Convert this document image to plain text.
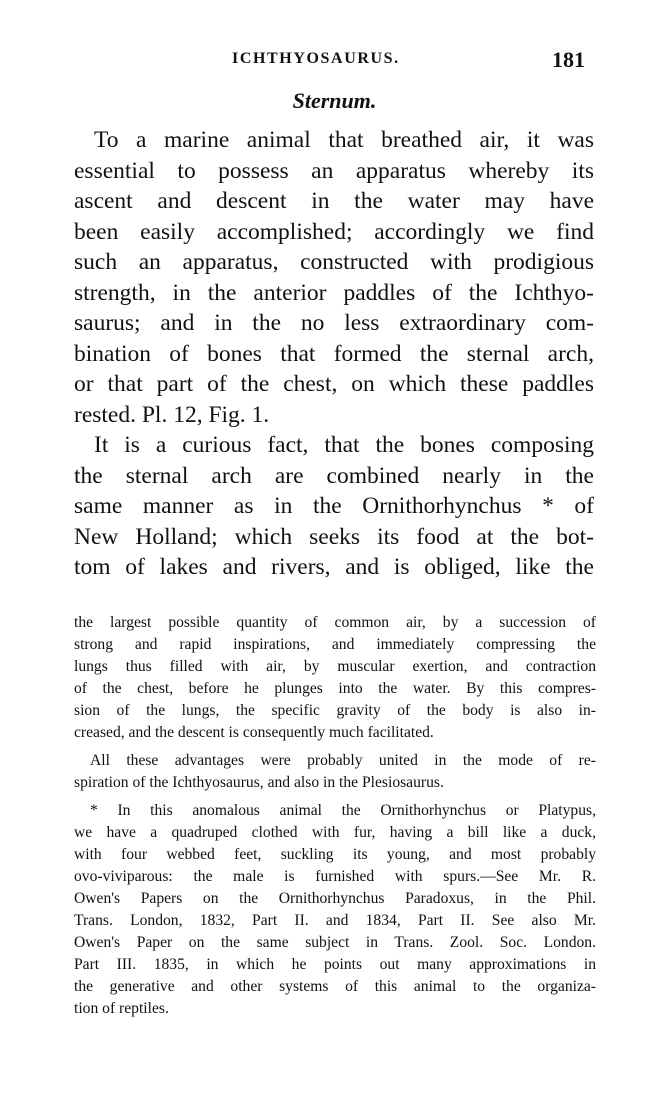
ICHTHYOSAURUS.	181
Sternum.
To a marine animal that breathed air, it was
essential to possess an apparatus whereby its
ascent and descent in the water may have
been easily accomplished; accordingly we find
such an apparatus, constructed with prodigious
strength, in the anterior paddles of the Ichthyo-
saurus; and in the no less extraordinary com-
bination of bones that formed the sternal arch,
or that part of the chest, on which these paddles
rested. Pl. 12, Fig. 1.
It is a curious fact, that the bones composing
the sternal arch are combined nearly in the
same manner as in the Ornithorhynchus * of
New Holland; which seeks its food at the bot-
tom of lakes and rivers, and is obliged, like the
the largest possible quantity of common air, by a succession of
strong and rapid inspirations, and immediately compressing the
lungs thus filled with air, by muscular exertion, and contraction
of the chest, before he plunges into the water. By this compres-
sion of the lungs, the specific gravity of the body is also in-
creased, and the descent is consequently much facilitated.
All these advantages were probably united in the mode of re-
spiration of the Ichthyosaurus, and also in the Plesiosaurus.
* In this anomalous animal the Ornithorhynchus or Platypus,
we have a quadruped clothed with fur, having a bill like a duck,
with four webbed feet, suckling its young, and most probably
ovo-viviparous: the male is furnished with spurs.—See Mr. R.
Owen's Papers on the Ornithorhynchus Paradoxus, in the Phil.
Trans. London, 1832, Part II. and 1834, Part II. See also Mr.
Owen's Paper on the same subject in Trans. Zool. Soc. London.
Part III. 1835, in which he points out many approximations in
the generative and other systems of this animal to the organiza-
tion of reptiles.
